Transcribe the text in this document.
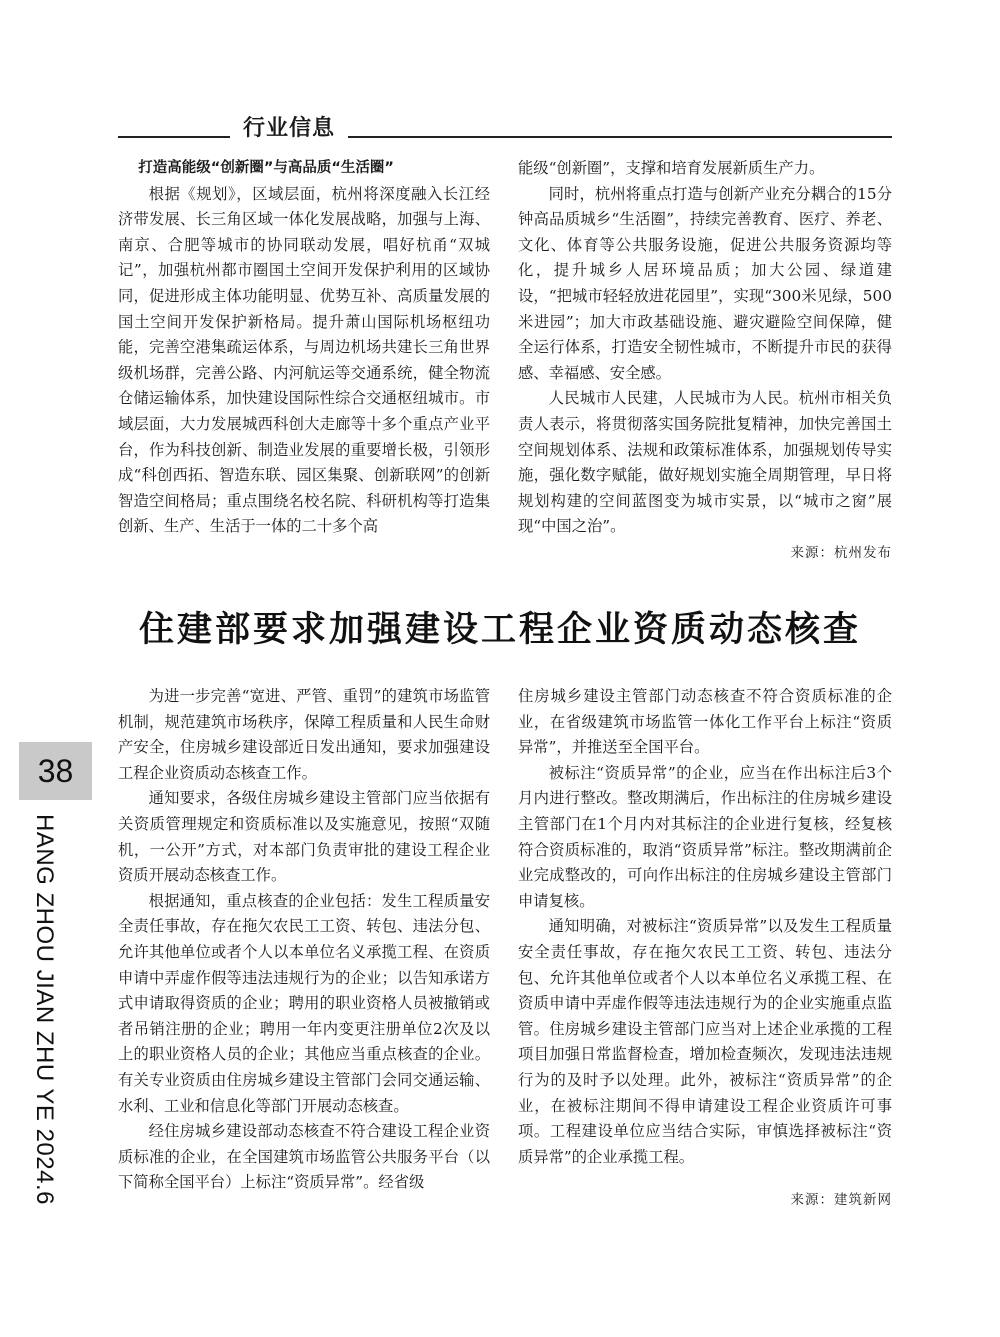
行业信息

打造高能级“创新圈”与高品质“生活圈”

根据《规划》，区域层面，杭州将深度融入长江经济带发展、长三角区域一体化发展战略，加强与上海、南京、合肥等城市的协同联动发展，唱好杭甬“双城记”，加强杭州都市圈国土空间开发保护利用的区域协同，促进形成主体功能明显、优势互补、高质量发展的国土空间开发保护新格局。提升萧山国际机场枢纽功能，完善空港集疏运体系，与周边机场共建长三角世界级机场群，完善公路、内河航运等交通系统，健全物流仓储运输体系，加快建设国际性综合交通枢纽城市。市域层面，大力发展城西科创大走廊等十多个重点产业平台，作为科技创新、制造业发展的重要增长极，引领形成“科创西拓、智造东联、园区集聚、创新联网”的创新智造空间格局；重点围绕名校名院、科研机构等打造集创新、生产、生活于一体的二十多个高

能级“创新圈”，支撑和培育发展新质生产力。

同时，杭州将重点打造与创新产业充分耦合的15分钟高品质城乡“生活圈”，持续完善教育、医疗、养老、文化、体育等公共服务设施，促进公共服务资源均等化，提升城乡人居环境品质；加大公园、绿道建设，“把城市轻轻放进花园里”，实现“300米见绿，500米进园”；加大市政基础设施、避灾避险空间保障，健全运行体系，打造安全韧性城市，不断提升市民的获得感、幸福感、安全感。

人民城市人民建，人民城市为人民。杭州市相关负责人表示，将贯彻落实国务院批复精神，加快完善国土空间规划体系、法规和政策标准体系，加强规划传导实施，强化数字赋能，做好规划实施全周期管理，早日将规划构建的空间蓝图变为城市实景，以“城市之窗”展现“中国之治”。

来源：杭州发布

住建部要求加强建设工程企业资质动态核查
38
HANG ZHOU JIAN ZHU YE 2024.6

为进一步完善“宽进、严管、重罚”的建筑市场监管机制，规范建筑市场秩序，保障工程质量和人民生命财产安全，住房城乡建设部近日发出通知，要求加强建设工程企业资质动态核查工作。

通知要求，各级住房城乡建设主管部门应当依据有关资质管理规定和资质标准以及实施意见，按照“双随机，一公开”方式，对本部门负责审批的建设工程企业资质开展动态核查工作。

根据通知，重点核查的企业包括：发生工程质量安全责任事故，存在拖欠农民工工资、转包、违法分包、允许其他单位或者个人以本单位名义承揽工程、在资质申请中弄虚作假等违法违规行为的企业；以告知承诺方式申请取得资质的企业；聘用的职业资格人员被撤销或者吊销注册的企业；聘用一年内变更注册单位2次及以上的职业资格人员的企业；其他应当重点核查的企业。有关专业资质由住房城乡建设主管部门会同交通运输、水利、工业和信息化等部门开展动态核查。

经住房城乡建设部动态核查不符合建设工程企业资质标准的企业，在全国建筑市场监管公共服务平台（以下简称全国平台）上标注“资质异常”。经省级

住房城乡建设主管部门动态核查不符合资质标准的企业，在省级建筑市场监管一体化工作平台上标注“资质异常”，并推送至全国平台。

被标注“资质异常”的企业，应当在作出标注后3个月内进行整改。整改期满后，作出标注的住房城乡建设主管部门在1个月内对其标注的企业进行复核，经复核符合资质标准的，取消“资质异常”标注。整改期满前企业完成整改的，可向作出标注的住房城乡建设主管部门申请复核。

通知明确，对被标注“资质异常”以及发生工程质量安全责任事故，存在拖欠农民工工资、转包、违法分包、允许其他单位或者个人以本单位名义承揽工程、在资质申请中弄虚作假等违法违规行为的企业实施重点监管。住房城乡建设主管部门应当对上述企业承揽的工程项目加强日常监督检查，增加检查频次，发现违法违规行为的及时予以处理。此外，被标注“资质异常”的企业，在被标注期间不得申请建设工程企业资质许可事项。工程建设单位应当结合实际，审慎选择被标注“资质异常”的企业承揽工程。

来源：建筑新网
